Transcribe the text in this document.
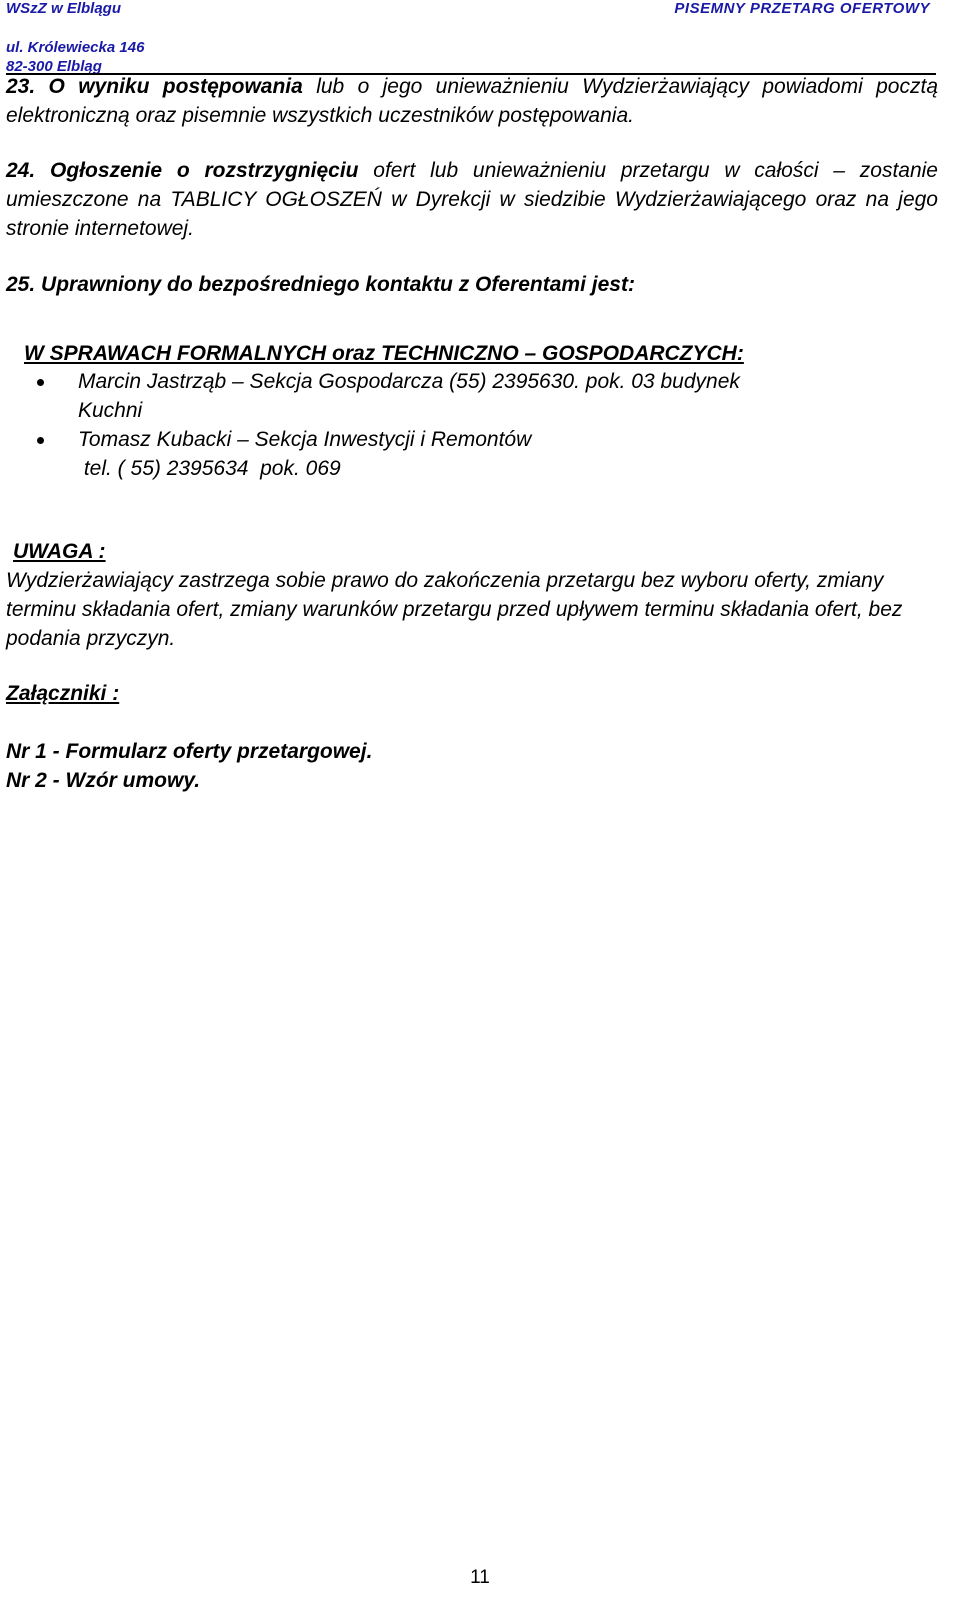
WSzZ w Elblągu	PISEMNY PRZETARG OFERTOWY
ul. Królewiecka 146
82-300 Elbląg
23. O wyniku postępowania lub o jego unieważnieniu Wydzierżawiający powiadomi pocztą elektroniczną oraz pisemnie wszystkich uczestników postępowania.
24. Ogłoszenie o rozstrzygnięciu ofert lub unieważnieniu przetargu w całości – zostanie umieszczone na TABLICY OGŁOSZEŃ w Dyrekcji w siedzibie Wydzierżawiającego oraz na jego stronie internetowej.
25. Uprawniony do bezpośredniego kontaktu z Oferentami jest:
W SPRAWACH FORMALNYCH oraz TECHNICZNO – GOSPODARCZYCH:
Marcin Jastrząb – Sekcja Gospodarcza (55) 2395630. pok. 03 budynek
Kuchni
Tomasz Kubacki – Sekcja Inwestycji i Remontów
tel. ( 55) 2395634  pok. 069
UWAGA :
Wydzierżawiający zastrzega sobie prawo do zakończenia przetargu bez wyboru oferty, zmiany terminu składania ofert, zmiany warunków przetargu przed upływem terminu składania ofert, bez podania przyczyn.
Załączniki :
Nr 1 - Formularz oferty przetargowej.
Nr 2 - Wzór umowy.
11
